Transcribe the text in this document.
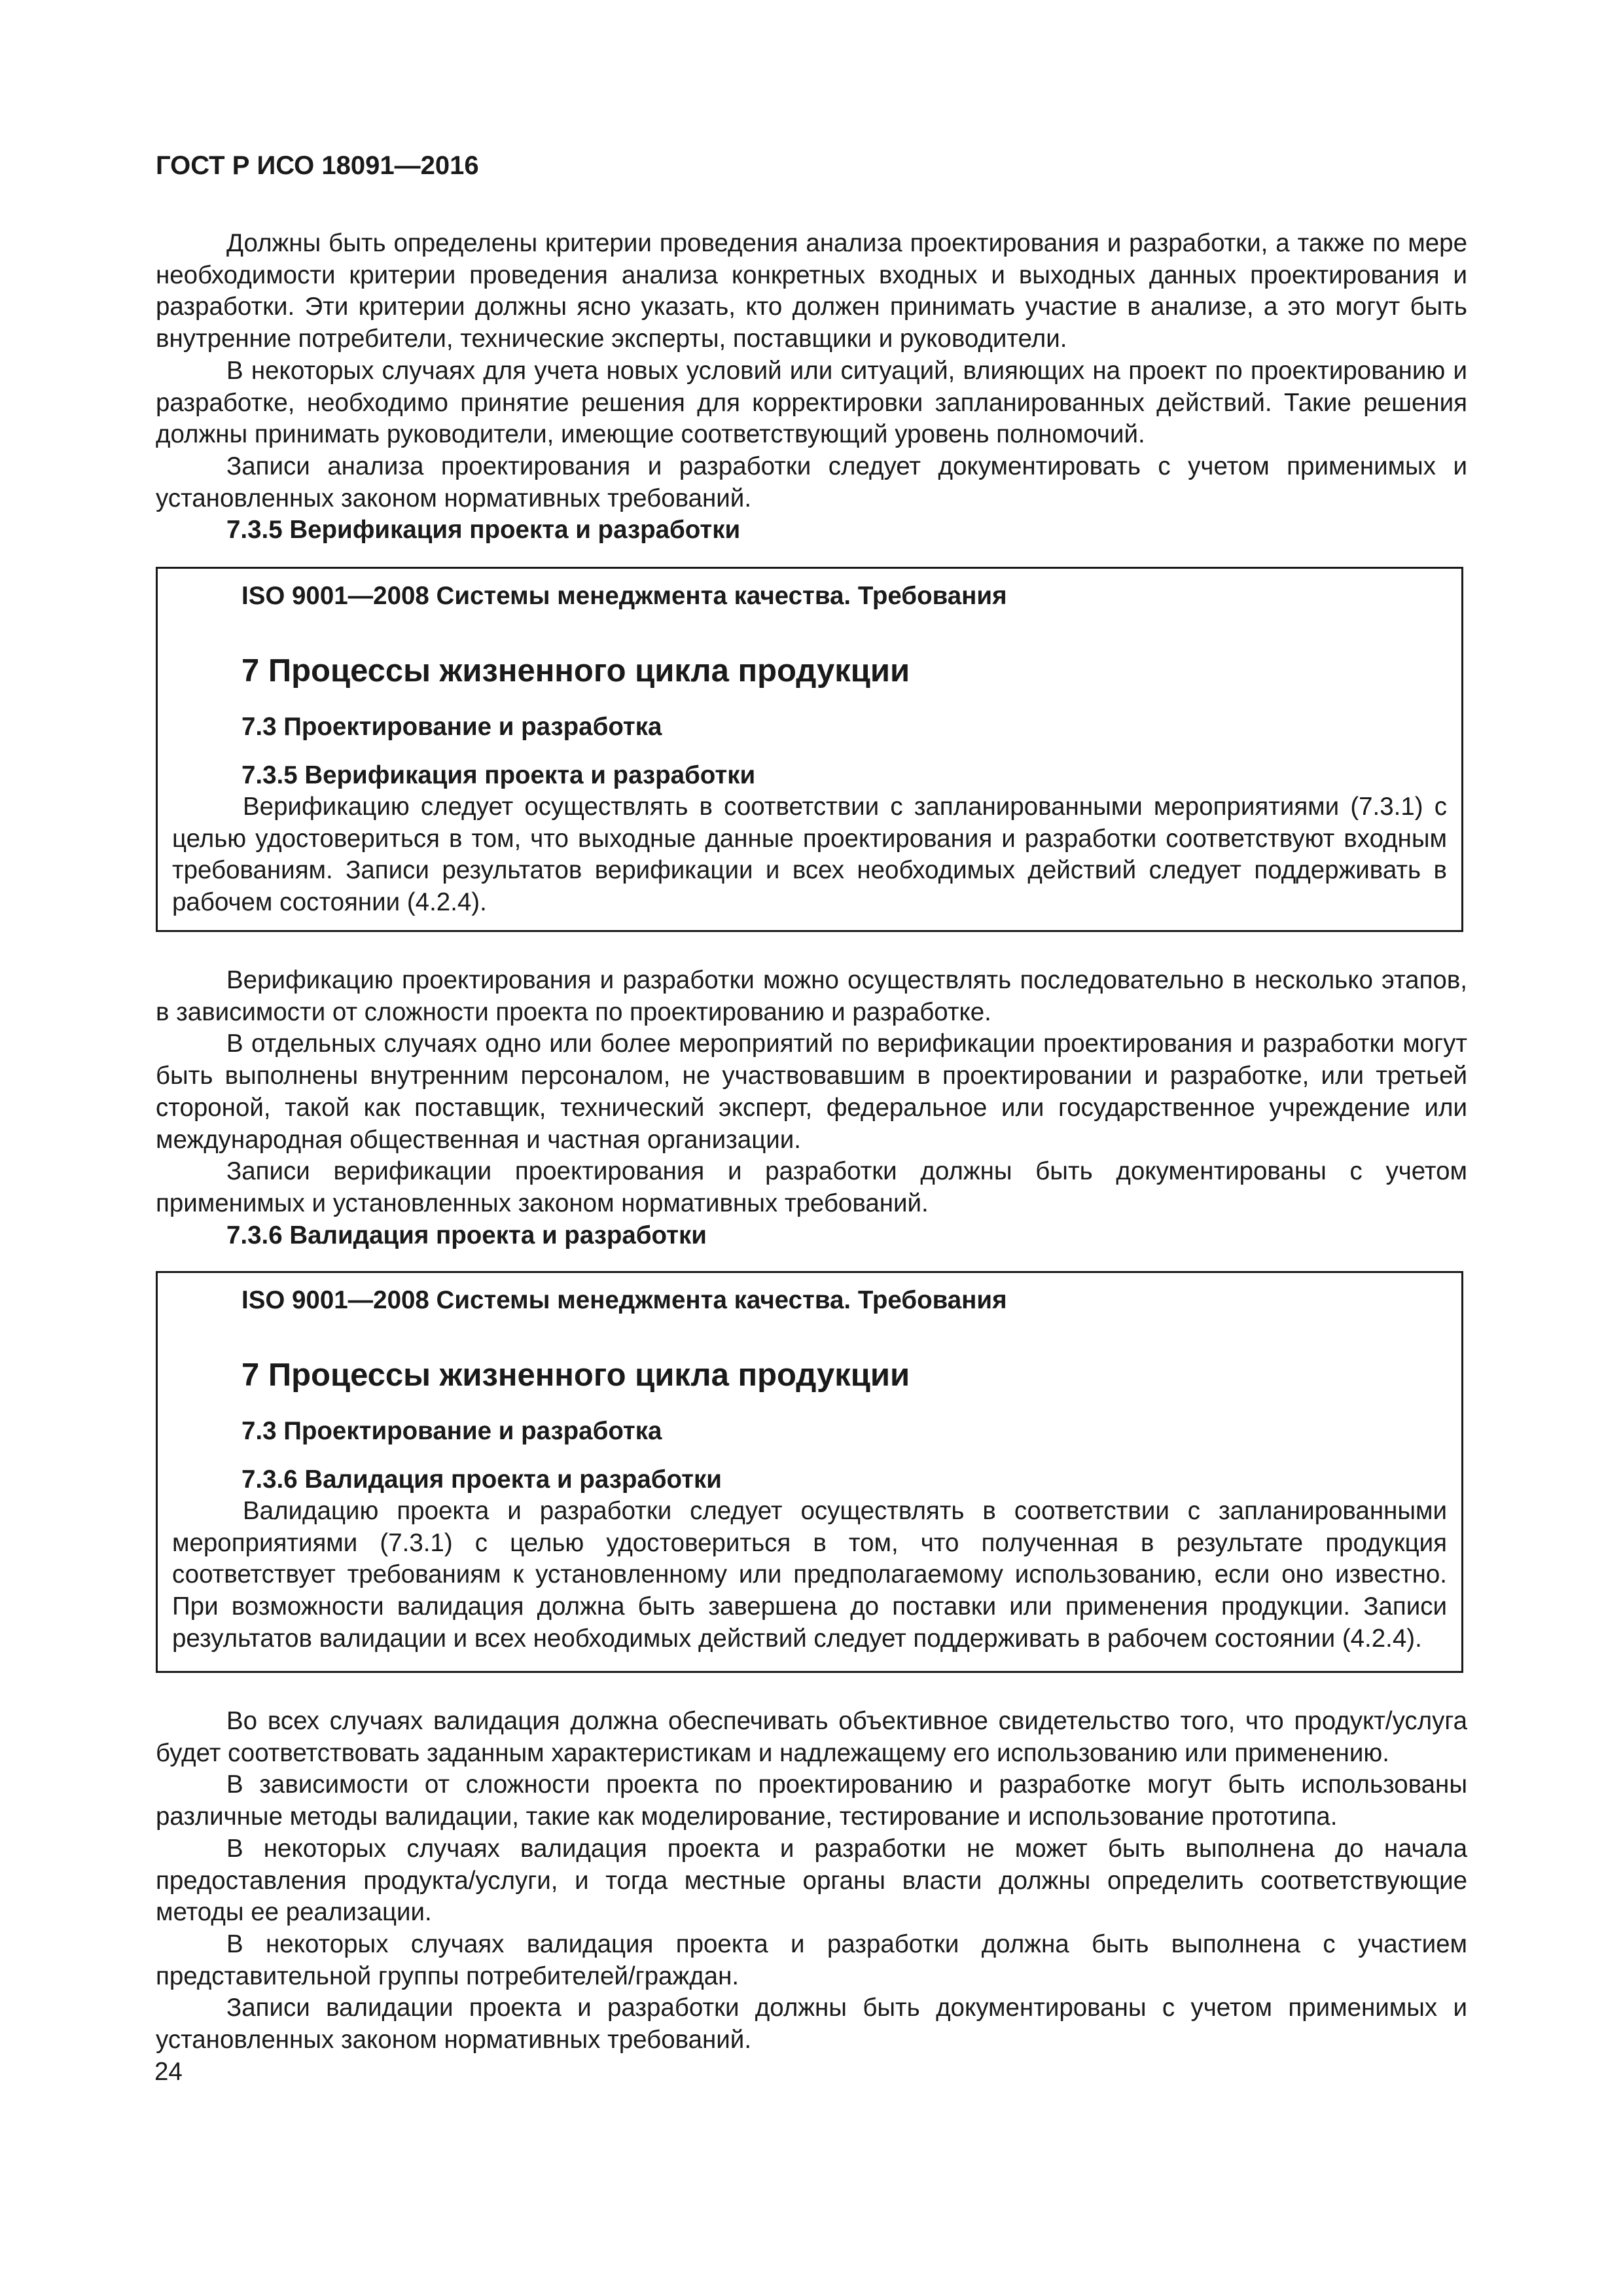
ГОСТ Р ИСО 18091—2016

Должны быть определены критерии проведения анализа проектирования и разработки, а также по мере необходимости критерии проведения анализа конкретных входных и выходных данных проектирования и разработки. Эти критерии должны ясно указать, кто должен принимать участие в анализе, а это могут быть внутренние потребители, технические эксперты, поставщики и руководители.

В некоторых случаях для учета новых условий или ситуаций, влияющих на проект по проектированию и разработке, необходимо принятие решения для корректировки запланированных действий. Такие решения должны принимать руководители, имеющие соответствующий уровень полномочий.

Записи анализа проектирования и разработки следует документировать с учетом применимых и установленных законом нормативных требований.

7.3.5 Верификация проекта и разработки
ISO 9001—2008 Системы менеджмента качества. Требования
7 Процессы жизненного цикла продукции
7.3 Проектирование и разработка
7.3.5 Верификация проекта и разработки

Верификацию следует осуществлять в соответствии с запланированными мероприятиями (7.3.1) с целью удостовериться в том, что выходные данные проектирования и разработки соответствуют входным требованиям. Записи результатов верификации и всех необходимых действий следует поддерживать в рабочем состоянии (4.2.4).

Верификацию проектирования и разработки можно осуществлять последовательно в несколько этапов, в зависимости от сложности проекта по проектированию и разработке.

В отдельных случаях одно или более мероприятий по верификации проектирования и разработки могут быть выполнены внутренним персоналом, не участвовавшим в проектировании и разработке, или третьей стороной, такой как поставщик, технический эксперт, федеральное или государственное учреждение или международная общественная и частная организации.

Записи верификации проектирования и разработки должны быть документированы с учетом применимых и установленных законом нормативных требований.

7.3.6 Валидация проекта и разработки
ISO 9001—2008 Системы менеджмента качества. Требования
7 Процессы жизненного цикла продукции
7.3 Проектирование и разработка
7.3.6 Валидация проекта и разработки

Валидацию проекта и разработки следует осуществлять в соответствии с запланированными мероприятиями (7.3.1) с целью удостовериться в том, что полученная в результате продукция соответствует требованиям к установленному или предполагаемому использованию, если оно известно. При возможности валидация должна быть завершена до поставки или применения продукции. Записи результатов валидации и всех необходимых действий следует поддерживать в рабочем состоянии (4.2.4).

Во всех случаях валидация должна обеспечивать объективное свидетельство того, что продукт/услуга будет соответствовать заданным характеристикам и надлежащему его использованию или применению.

В зависимости от сложности проекта по проектированию и разработке могут быть использованы различные методы валидации, такие как моделирование, тестирование и использование прототипа.

В некоторых случаях валидация проекта и разработки не может быть выполнена до начала предоставления продукта/услуги, и тогда местные органы власти должны определить соответствующие методы ее реализации.

В некоторых случаях валидация проекта и разработки должна быть выполнена с участием представительной группы потребителей/граждан.

Записи валидации проекта и разработки должны быть документированы с учетом применимых и установленных законом нормативных требований.

24
